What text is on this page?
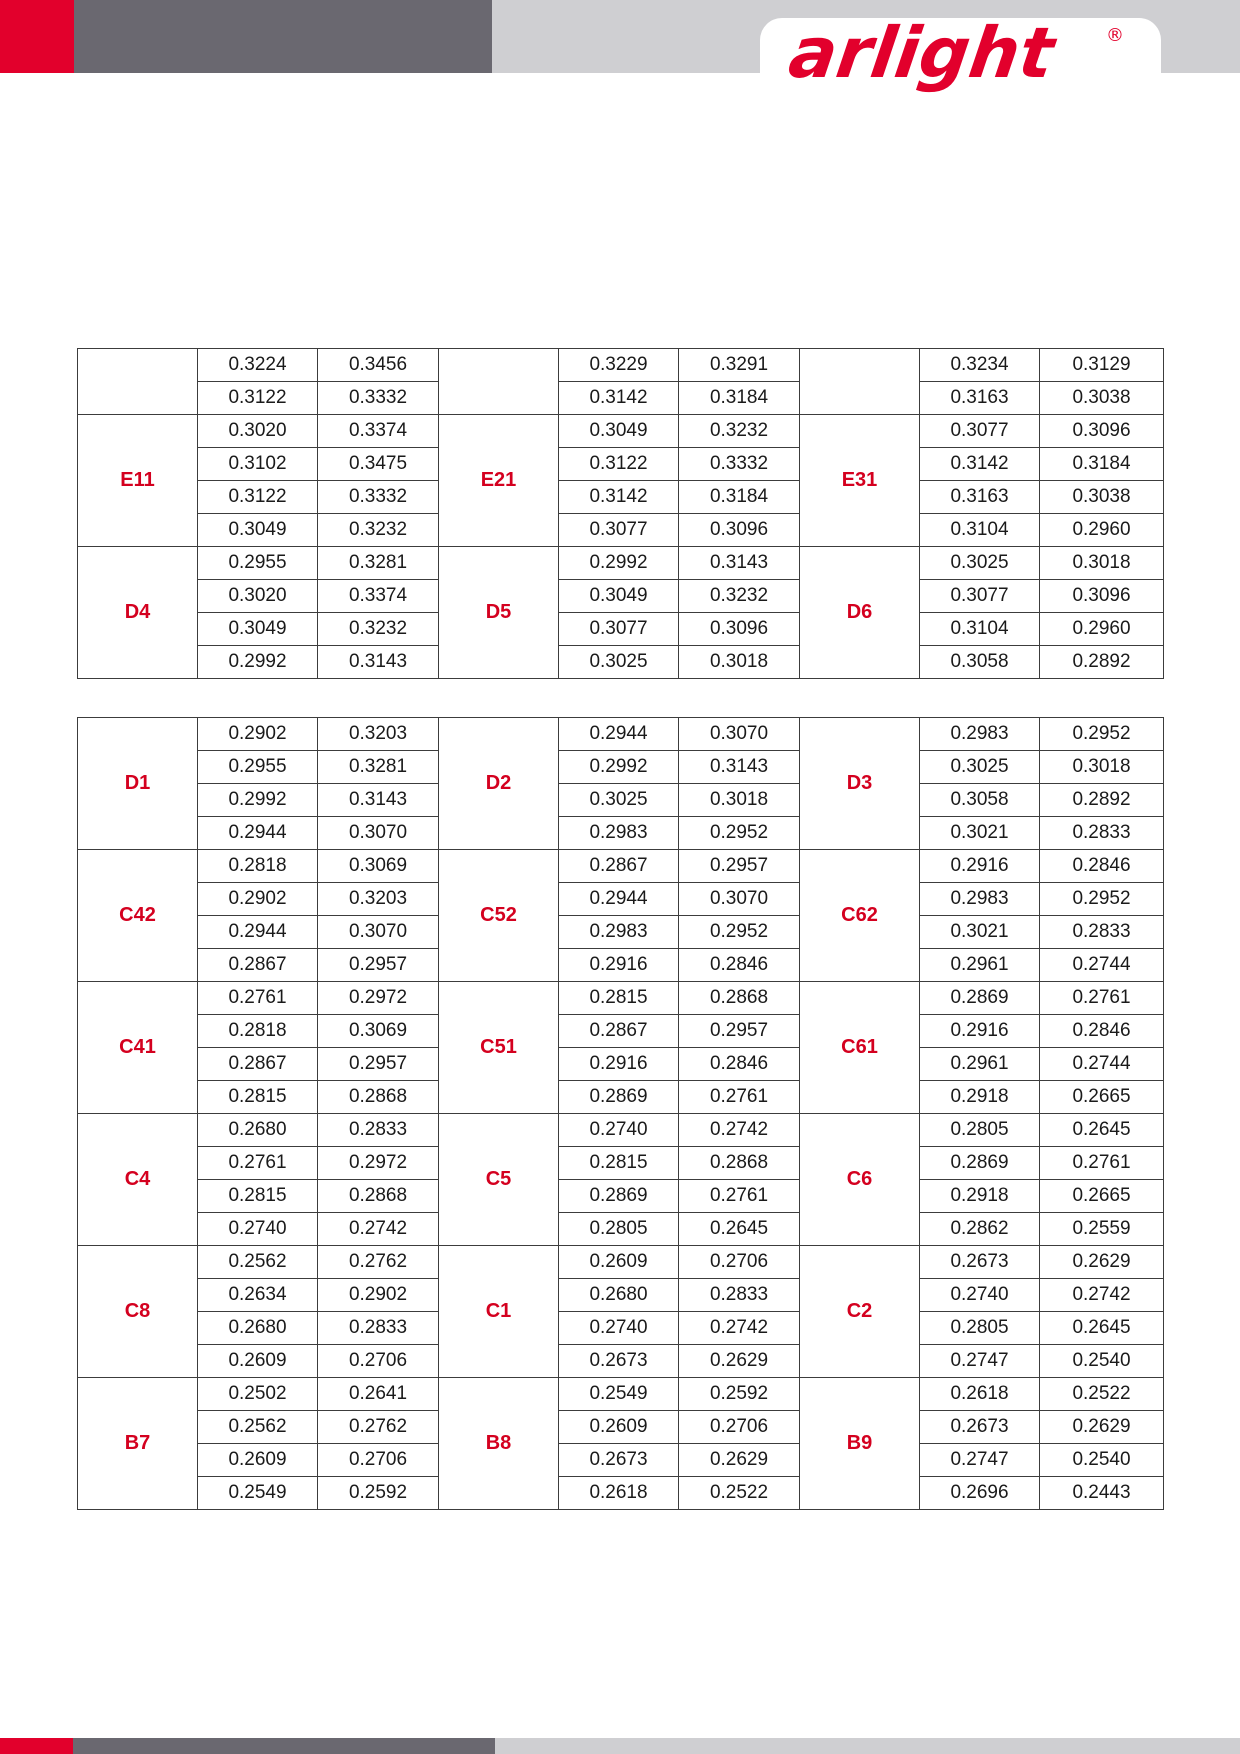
arlight	®
	0.3224	0.3456		0.3229	0.3291		0.3234	0.3129
	0.3122	0.3332		0.3142	0.3184		0.3163	0.3038
E11	0.3020	0.3374	E21	0.3049	0.3232	E31	0.3077	0.3096
	0.3102	0.3475		0.3122	0.3332		0.3142	0.3184
	0.3122	0.3332		0.3142	0.3184		0.3163	0.3038
	0.3049	0.3232		0.3077	0.3096		0.3104	0.2960
D4	0.2955	0.3281	D5	0.2992	0.3143	D6	0.3025	0.3018
	0.3020	0.3374		0.3049	0.3232		0.3077	0.3096
	0.3049	0.3232		0.3077	0.3096		0.3104	0.2960
	0.2992	0.3143		0.3025	0.3018		0.3058	0.2892
D1	0.2902	0.3203	D2	0.2944	0.3070	D3	0.2983	0.2952
	0.2955	0.3281		0.2992	0.3143		0.3025	0.3018
	0.2992	0.3143		0.3025	0.3018		0.3058	0.2892
	0.2944	0.3070		0.2983	0.2952		0.3021	0.2833
C42	0.2818	0.3069	C52	0.2867	0.2957	C62	0.2916	0.2846
	0.2902	0.3203		0.2944	0.3070		0.2983	0.2952
	0.2944	0.3070		0.2983	0.2952		0.3021	0.2833
	0.2867	0.2957		0.2916	0.2846		0.2961	0.2744
C41	0.2761	0.2972	C51	0.2815	0.2868	C61	0.2869	0.2761
	0.2818	0.3069		0.2867	0.2957		0.2916	0.2846
	0.2867	0.2957		0.2916	0.2846		0.2961	0.2744
	0.2815	0.2868		0.2869	0.2761		0.2918	0.2665
C4	0.2680	0.2833	C5	0.2740	0.2742	C6	0.2805	0.2645
	0.2761	0.2972		0.2815	0.2868		0.2869	0.2761
	0.2815	0.2868		0.2869	0.2761		0.2918	0.2665
	0.2740	0.2742		0.2805	0.2645		0.2862	0.2559
C8	0.2562	0.2762	C1	0.2609	0.2706	C2	0.2673	0.2629
	0.2634	0.2902		0.2680	0.2833		0.2740	0.2742
	0.2680	0.2833		0.2740	0.2742		0.2805	0.2645
	0.2609	0.2706		0.2673	0.2629		0.2747	0.2540
B7	0.2502	0.2641	B8	0.2549	0.2592	B9	0.2618	0.2522
	0.2562	0.2762		0.2609	0.2706		0.2673	0.2629
	0.2609	0.2706		0.2673	0.2629		0.2747	0.2540
	0.2549	0.2592		0.2618	0.2522		0.2696	0.2443
